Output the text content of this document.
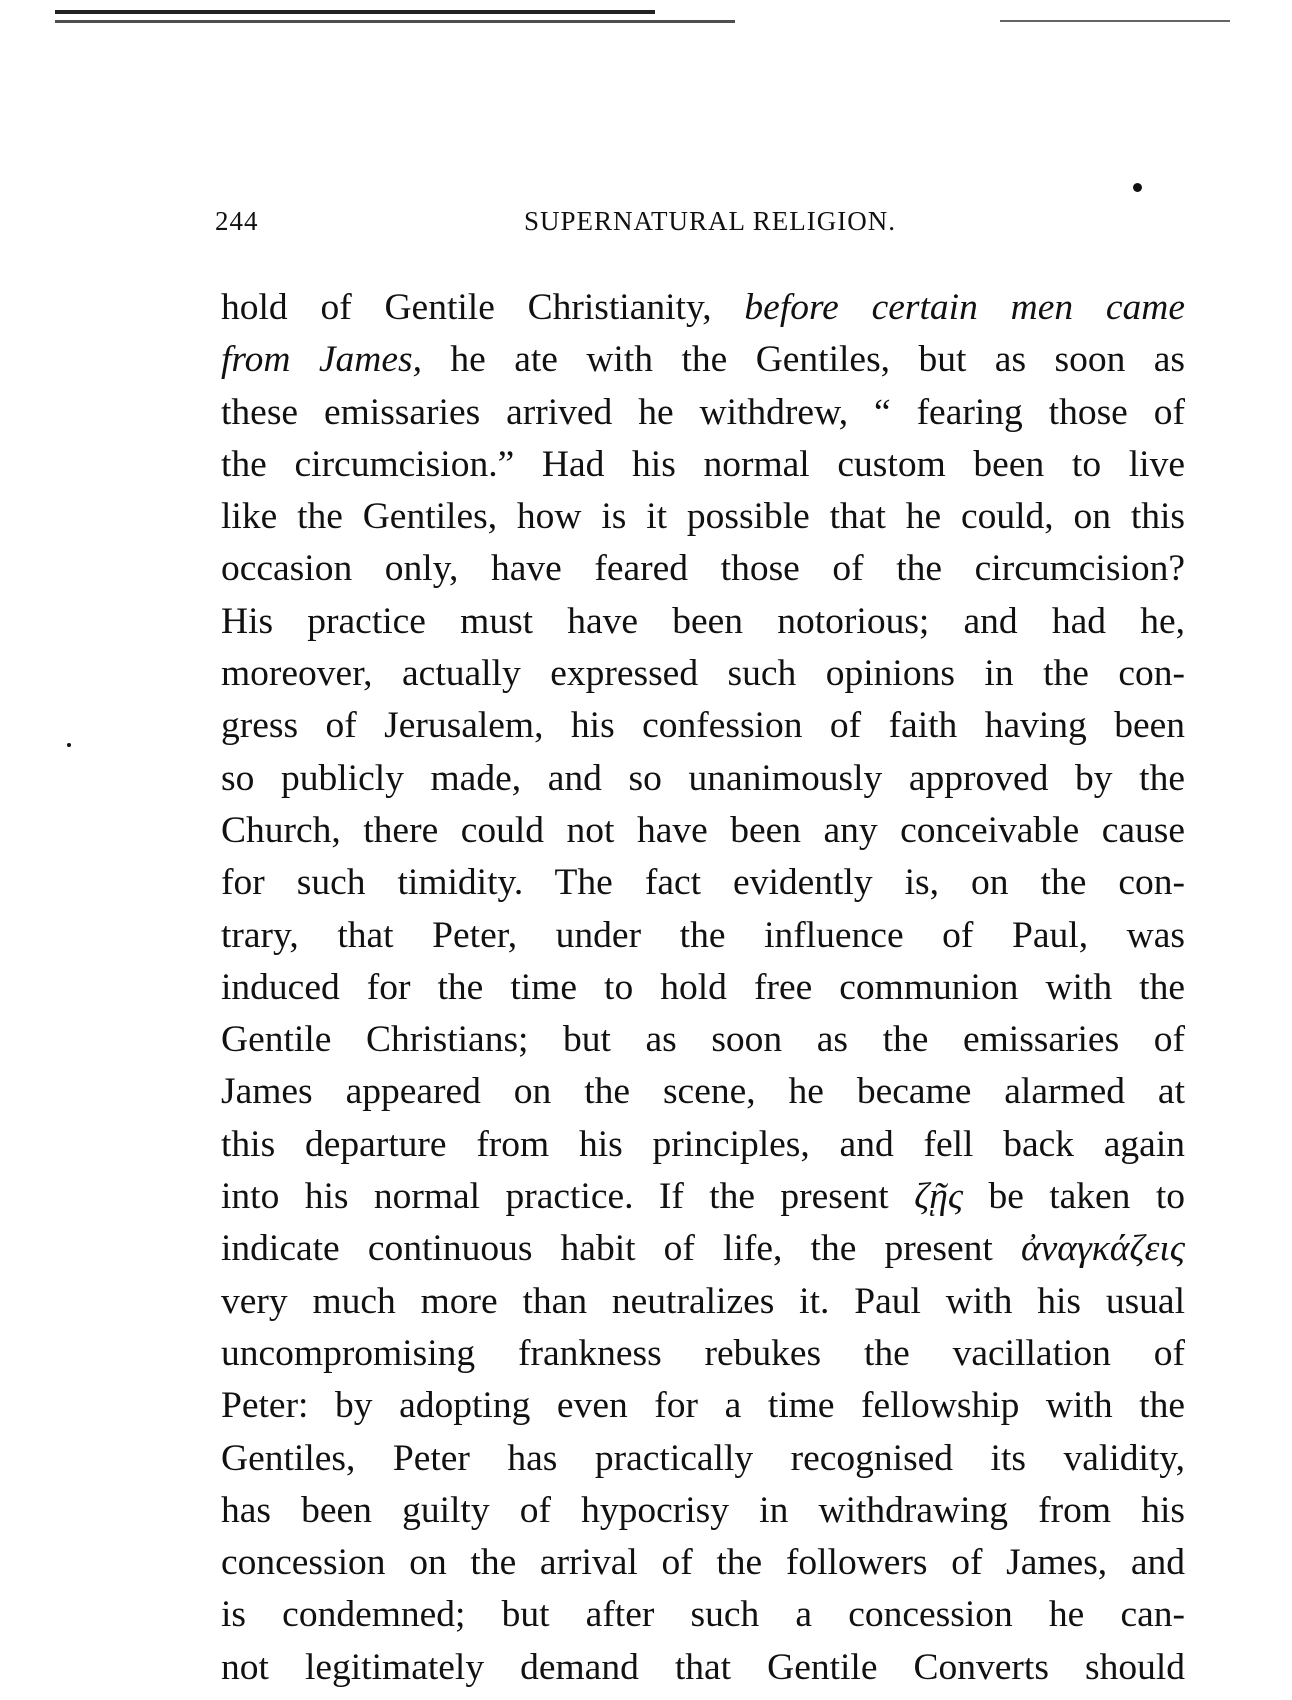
244	SUPERNATURAL RELIGION.
hold of Gentile Christianity, before certain men came
from James, he ate with the Gentiles, but as soon as
these emissaries arrived he withdrew, “ fearing those of
the circumcision.” Had his normal custom been to live
like the Gentiles, how is it possible that he could, on this
occasion only, have feared those of the circumcision?
His practice must have been notorious; and had he,
moreover, actually expressed such opinions in the con-
gress of Jerusalem, his confession of faith having been
so publicly made, and so unanimously approved by the
Church, there could not have been any conceivable cause
for such timidity. The fact evidently is, on the con-
trary, that Peter, under the influence of Paul, was
induced for the time to hold free communion with the
Gentile Christians; but as soon as the emissaries of
James appeared on the scene, he became alarmed at
this departure from his principles, and fell back again
into his normal practice. If the present ζῇς be taken to
indicate continuous habit of life, the present ἀναγκάζεις
very much more than neutralizes it. Paul with his usual
uncompromising frankness rebukes the vacillation of
Peter: by adopting even for a time fellowship with the
Gentiles, Peter has practically recognised its validity,
has been guilty of hypocrisy in withdrawing from his
concession on the arrival of the followers of James, and
is condemned; but after such a concession he can-
not legitimately demand that Gentile Converts should
